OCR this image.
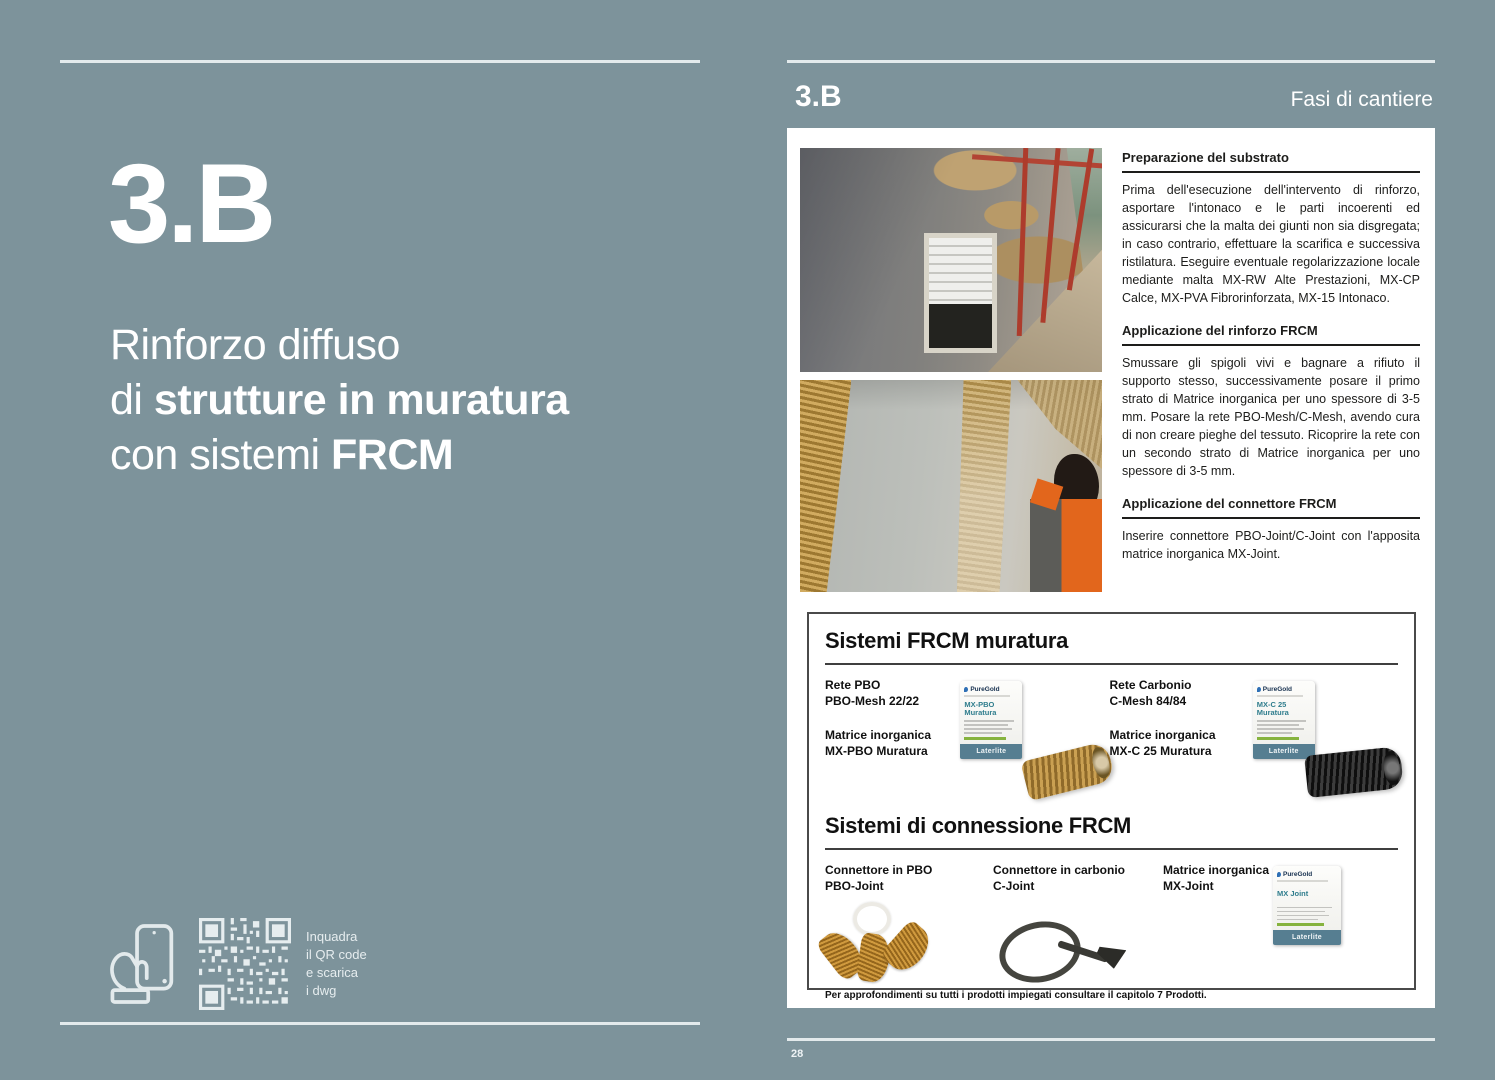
3.B
Rinforzo diffuso
di strutture in muratura
con sistemi FRCM
Inquadra
il QR code
e scarica
i dwg
3.B	Fasi di cantiere
Preparazione del substrato

Prima dell'esecuzione dell'intervento di rinforzo, asportare l'intonaco e le parti incoerenti ed assicurarsi che la malta dei giunti non sia disgregata; in caso contrario, effettuare la scarifica e successiva ristilatura. Eseguire eventuale regolarizzazione locale mediante malta MX-RW Alte Prestazioni, MX-CP Calce, MX-PVA Fibrorinforzata, MX-15 Intonaco.

Applicazione del rinforzo FRCM

Smussare gli spigoli vivi e bagnare a rifiuto il supporto stesso, successivamente posare il primo strato di Matrice inorganica per uno spessore di 3-5 mm. Posare la rete PBO-Mesh/C-Mesh, avendo cura di non creare pieghe del tessuto. Ricoprire la rete con un secondo strato di Matrice inorganica per uno spessore di 3-5 mm.

Applicazione del connettore FRCM

Inserire connettore PBO-Joint/C-Joint con l'apposita matrice inorganica MX-Joint.

Sistemi FRCM muratura
Rete PBO
PBO-Mesh 22/22
Matrice inorganica
MX-PBO Muratura
PureGold
MX-PBO
Muratura
Laterlite
Rete Carbonio
C-Mesh 84/84
Matrice inorganica
MX-C 25 Muratura
PureGold
MX-C 25
Muratura
Laterlite
Sistemi di connessione FRCM
Connettore in PBO
PBO-Joint
Connettore in carbonio
C-Joint
Matrice inorganica
MX-Joint
PureGold
MX Joint
Laterlite
Per approfondimenti su tutti i prodotti impiegati consultare il capitolo 7 Prodotti.
28
